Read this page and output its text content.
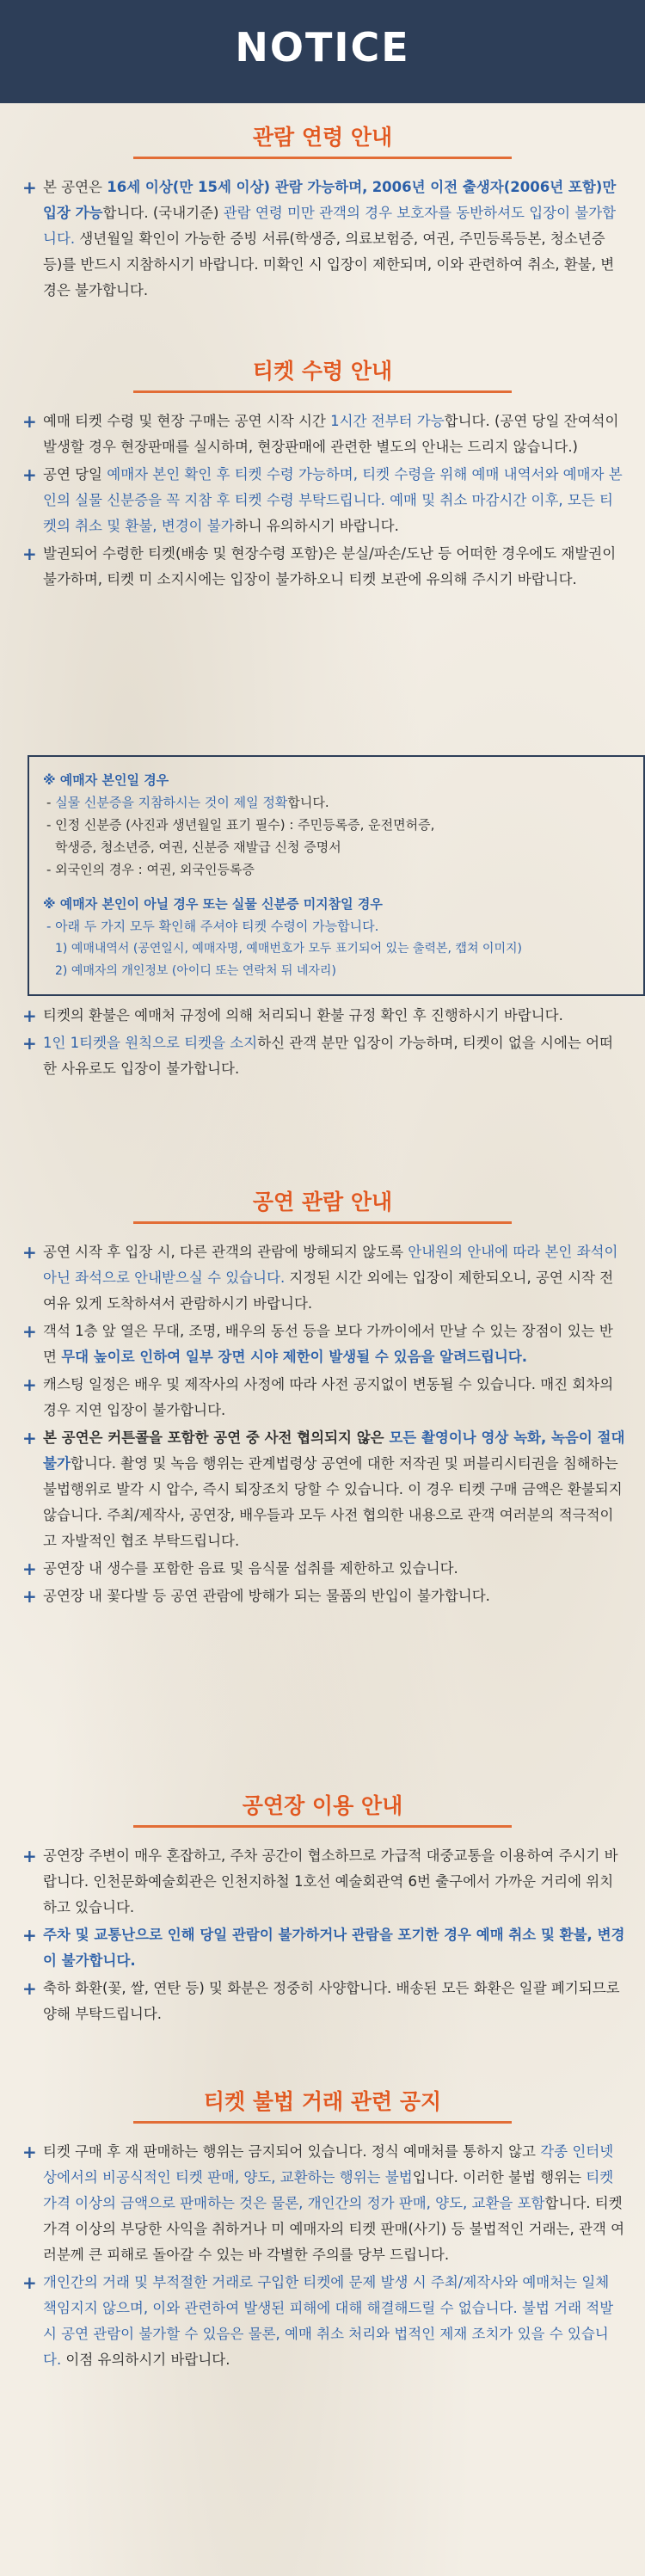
NOTICE
관람 연령 안내
+ 본 공연은 16세 이상(만 15세 이상) 관람 가능하며, 2006년 이전 출생자(2006년 포함)만 입장 가능합니다. (국내기준) 관람 연령 미만 관객의 경우 보호자를 동반하셔도 입장이 불가합니다. 생년월일 확인이 가능한 증빙 서류(학생증, 의료보험증, 여권, 주민등록등본, 청소년증 등)를 반드시 지참하시기 바랍니다. 미확인 시 입장이 제한되며, 이와 관련하여 취소, 환불, 변경은 불가합니다.
티켓 수령 안내
+ 예매 티켓 수령 및 현장 구매는 공연 시작 시간 1시간 전부터 가능합니다. (공연 당일 잔여석이 발생할 경우 현장판매를 실시하며, 현장판매에 관련한 별도의 안내는 드리지 않습니다.)
+ 공연 당일 예매자 본인 확인 후 티켓 수령 가능하며, 티켓 수령을 위해 예매 내역서와 예매자 본인의 실물 신분증을 꼭 지참 후 티켓 수령 부탁드립니다. 예매 및 취소 마감시간 이후, 모든 티켓의 취소 및 환불, 변경이 불가하니 유의하시기 바랍니다.
+ 발권되어 수령한 티켓(배송 및 현장수령 포함)은 분실/파손/도난 등 어떠한 경우에도 재발권이 불가하며, 티켓 미 소지시에는 입장이 불가하오니 티켓 보관에 유의해 주시기 바랍니다.
※ 예매자 본인일 경우
- 실물 신분증을 지참하시는 것이 제일 정확합니다.
- 인정 신분증 (사진과 생년월일 표기 필수) : 주민등록증, 운전면허증,
학생증, 청소년증, 여권, 신분증 재발급 신청 증명서
- 외국인의 경우 : 여권, 외국인등록증
※ 예매자 본인이 아닐 경우 또는 실물 신분증 미지참일 경우
- 아래 두 가지 모두 확인해 주셔야 티켓 수령이 가능합니다.
1) 예매내역서 (공연일시, 예매자명, 예매번호가 모두 표기되어 있는 출력본, 캡쳐 이미지)
2) 예매자의 개인정보 (아이디 또는 연락처 뒤 네자리)
+ 티켓의 환불은 예매처 규정에 의해 처리되니 환불 규정 확인 후 진행하시기 바랍니다.
+ 1인 1티켓을 원칙으로 티켓을 소지하신 관객 분만 입장이 가능하며, 티켓이 없을 시에는 어떠한 사유로도 입장이 불가합니다.
공연 관람 안내
+ 공연 시작 후 입장 시, 다른 관객의 관람에 방해되지 않도록 안내원의 안내에 따라 본인 좌석이 아닌 좌석으로 안내받으실 수 있습니다. 지정된 시간 외에는 입장이 제한되오니, 공연 시작 전 여유 있게 도착하셔서 관람하시기 바랍니다.
+ 객석 1층 앞 열은 무대, 조명, 배우의 동선 등을 보다 가까이에서 만날 수 있는 장점이 있는 반면 무대 높이로 인하여 일부 장면 시야 제한이 발생될 수 있음을 알려드립니다.
+ 캐스팅 일정은 배우 및 제작사의 사정에 따라 사전 공지없이 변동될 수 있습니다. 매진 회차의 경우 지연 입장이 불가합니다.
+ 본 공연은 커튼콜을 포함한 공연 중 사전 협의되지 않은 모든 촬영이나 영상 녹화, 녹음이 절대 불가합니다. 촬영 및 녹음 행위는 관계법령상 공연에 대한 저작권 및 퍼블리시티권을 침해하는 불법행위로 발각 시 압수, 즉시 퇴장조치 당할 수 있습니다. 이 경우 티켓 구매 금액은 환불되지 않습니다. 주최/제작사, 공연장, 배우들과 모두 사전 협의한 내용으로 관객 여러분의 적극적이고 자발적인 협조 부탁드립니다.
+ 공연장 내 생수를 포함한 음료 및 음식물 섭취를 제한하고 있습니다.
+ 공연장 내 꽃다발 등 공연 관람에 방해가 되는 물품의 반입이 불가합니다.
공연장 이용 안내
+ 공연장 주변이 매우 혼잡하고, 주차 공간이 협소하므로 가급적 대중교통을 이용하여 주시기 바랍니다. 인천문화예술회관은 인천지하철 1호선 예술회관역 6번 출구에서 가까운 거리에 위치하고 있습니다.
+ 주차 및 교통난으로 인해 당일 관람이 불가하거나 관람을 포기한 경우 예매 취소 및 환불, 변경이 불가합니다.
+ 축하 화환(꽃, 쌀, 연탄 등) 및 화분은 정중히 사양합니다. 배송된 모든 화환은 일괄 폐기되므로 양해 부탁드립니다.
티켓 불법 거래 관련 공지
+ 티켓 구매 후 재 판매하는 행위는 금지되어 있습니다. 정식 예매처를 통하지 않고 각종 인터넷 상에서의 비공식적인 티켓 판매, 양도, 교환하는 행위는 불법입니다. 이러한 불법 행위는 티켓 가격 이상의 금액으로 판매하는 것은 물론, 개인간의 정가 판매, 양도, 교환을 포함합니다. 티켓 가격 이상의 부당한 사익을 취하거나 미 예매자의 티켓 판매(사기) 등 불법적인 거래는, 관객 여러분께 큰 피해로 돌아갈 수 있는 바 각별한 주의를 당부 드립니다.
+ 개인간의 거래 및 부적절한 거래로 구입한 티켓에 문제 발생 시 주최/제작사와 예매처는 일체 책임지지 않으며, 이와 관련하여 발생된 피해에 대해 해결해드릴 수 없습니다. 불법 거래 적발 시 공연 관람이 불가할 수 있음은 물론, 예매 취소 처리와 법적인 제재 조치가 있을 수 있습니다. 이점 유의하시기 바랍니다.
